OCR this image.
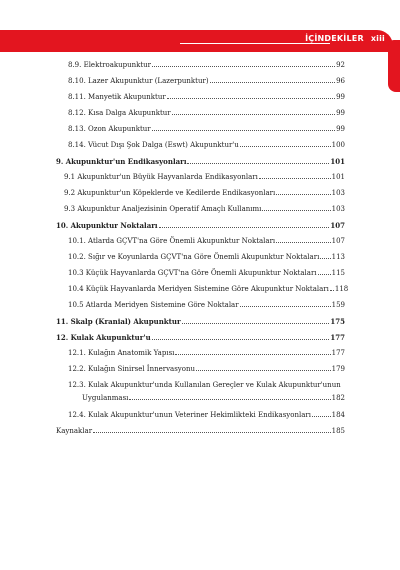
İÇİNDEKİLER xiii
8.9. Elektroakupunktur	92
8.10. Lazer Akupunktur (Lazerpunktur)	96
8.11. Manyetik Akupunktur	99
8.12. Kısa Dalga Akupunktur	99
8.13. Ozon Akupunktur	99
8.14. Vücut Dışı Şok Dalga (Eswt) Akupunktur'u	100
9. Akupunktur'un Endikasyonları	101
9.1 Akupunktur'un Büyük Hayvanlarda Endikasyonları	101
9.2 Akupunktur'un Köpeklerde ve Kedilerde Endikasyonları	103
9.3 Akupunktur Analjezisinin Operatif Amaçlı Kullanımı	103
10. Akupunktur Noktaları	107
10.1. Atlarda GÇVT'na Göre Önemli Akupunktur Noktaları	107
10.2. Sığır ve Koyunlarda GÇVT'na Göre Önemli Akupunktur Noktaları 113
10.3 Küçük Hayvanlarda GÇVT'na Göre Önemli Akupunktur Noktaları 115
10.4 Küçük Hayvanlarda Meridyen Sistemine Göre Akupunktur Noktaları 118
10.5 Atlarda Meridyen Sistemine Göre Noktalar	159
11. Skalp (Kranial) Akupunktur	175
12. Kulak Akupunktur'u	177
12.1. Kulağın Anatomik Yapısı	177
12.2. Kulağın Sinirsel İnnervasyonu	179
12.3. Kulak Akupunktur'unda Kullanılan Gereçler ve Kulak Akupunktur'unun
Uygulanması	182
12.4. Kulak Akupunktur'unun Veteriner Hekimlikteki Endikasyonları	184
Kaynaklar	185
